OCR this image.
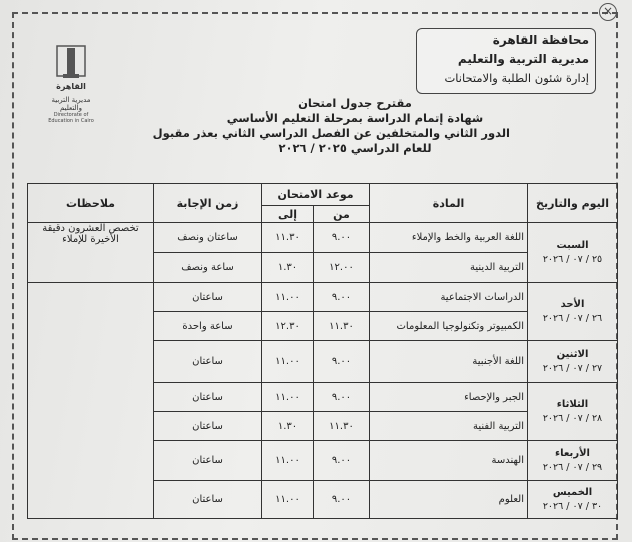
×
محافظة القاهرة
مديرية التربية والتعليم
إدارة شئون الطلبة والامتحانات
القاهرة
مديرية التربية والتعليم
Directorate of Education in Cairo
مقترح جدول امتحان
شهادة إتمام الدراسة بمرحلة التعليم الأساسي
الدور الثاني والمتخلفين عن الفصل الدراسي الثاني بعذر مقبول
للعام الدراسي ٢٠٢٥ / ٢٠٢٦
اليوم والتاريخ	المادة	موعد الامتحان		زمن الإجابة	ملاحظات
		من	إلى		

السبت
٢٥ / ٠٧ / ٢٠٢٦	اللغة العربية والخط والإملاء	٩.٠٠	١١.٣٠	ساعتان ونصف	تخصص العشرون دقيقة الأخيرة للإملاء
	التربية الدينية	١٢.٠٠	١.٣٠	ساعة ونصف	

الأحد
٢٦ / ٠٧ / ٢٠٢٦	الدراسات الاجتماعية	٩.٠٠	١١.٠٠	ساعتان	
	الكمبيوتر وتكنولوجيا المعلومات	١١.٣٠	١٢.٣٠	ساعة واحدة	

الاثنين
٢٧ / ٠٧ / ٢٠٢٦	اللغة الأجنبية	٩.٠٠	١١.٠٠	ساعتان	

الثلاثاء
٢٨ / ٠٧ / ٢٠٢٦	الجبر والإحصاء	٩.٠٠	١١.٠٠	ساعتان	
	التربية الفنية	١١.٣٠	١.٣٠	ساعتان	

الأربعاء
٢٩ / ٠٧ / ٢٠٢٦	الهندسة	٩.٠٠	١١.٠٠	ساعتان	

الخميس
٣٠ / ٠٧ / ٢٠٢٦	العلوم	٩.٠٠	١١.٠٠	ساعتان	
